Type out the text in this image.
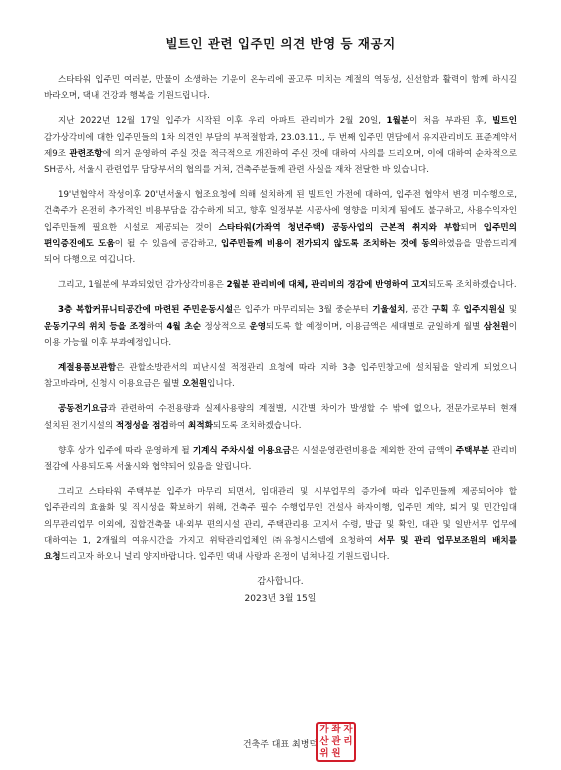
빌트인 관련 입주민 의견 반영 등 재공지

스타타워 입주민 여러분, 만물이 소생하는 기운이 온누리에 골고루 미치는 계절의 역동성, 신선함과 활력이 함께 하시길 바라오며, 댁내 건강과 행복을 기원드립니다.

지난 2022년 12월 17일 입주가 시작된 이후 우리 아파트 관리비가 2월 20일, 1월분이 처음 부과된 후, 빌트인 감가상각비에 대한 입주민들의 1차 의견인 부담의 부적절함과, 23.03.11., 두 번째 입주민 면담에서 유지관리비도 표준계약서 제9조 관련조항에 의거 운영하여 주실 것을 적극적으로 개진하여 주신 것에 대하여 사의를 드리오며, 이에 대하여 순차적으로 SH공사, 서울시 관련업무 담당부서의 협의를 거쳐, 건축주분들께 관련 사실을 재차 전달한 바 있습니다.

19'년협약서 작성이후 20'년서울시 협조요청에 의해 설치하게 된 빌트인 가전에 대하여, 입주전 협약서 변경 미수행으로, 건축주가 온전히 추가적인 비용부담을 감수하게 되고, 향후 일정부분 시공사에 영향을 미치게 됨에도 불구하고, 사용수익자인 입주민들께 필요한 시설로 제공되는 것이 스타타워(가좌역 청년주택) 공동사업의 근본적 취지와 부합되며 입주민의 편익증진에도 도움이 될 수 있음에 공감하고, 입주민들께 비용이 전가되지 않도록 조치하는 것에 동의하였음을 말씀드리게 되어 다행으로 여깁니다.

그리고, 1월분에 부과되었던 감가상각비용은 2월분 관리비에 대체, 관리비의 경감에 반영하여 고지되도록 조치하겠습니다.

3층 복합커뮤니티공간에 마련된 주민운동시설은 입주가 마무리되는 3월 중순부터 기울설치, 공간 구획 후 입주지원실 및 운동기구의 위치 등을 조정하여 4월 초순 정상적으로 운영되도록 할 예정이며, 이용금액은 세대별로 균일하게 월별 삼천원이 이용 가능월 이후 부과예정입니다.

계절용품보관함은 관할소방관서의 피난시설 적정관리 요청에 따라 지하 3층 입주민창고에 설치됨을 알리게 되었으니 참고바라며, 신청시 이용요금은 월별 오천원입니다.

공동전기요금과 관련하여 수전용량과 실제사용량의 계절별, 시간별 차이가 발생할 수 밖에 없으나, 전문가로부터 현재 설치된 전기시설의 적정성을 점검하여 최적화되도록 조치하겠습니다.

향후 상가 입주에 따라 운영하게 될 기계식 주차시설 이용요금은 시설운영관련비용을 제외한 잔여 금액이 주택부분 관리비 절감에 사용되도록 서울시와 협약되어 있음을 알립니다.

그리고 스타타워 주택부분 입주가 마무리 되면서, 임대관리 및 시부업무의 증가에 따라 입주민들께 제공되어야 할 입주관리의 효율화 및 직시성을 확보하기 위해, 건축주 필수 수행업무인 건설사 하자이행, 입주민 계약, 퇴거 및 민간임대 의무관리업무 이외에, 집합건축물 내·외부 편의시설 관리, 주택관리용 고지서 수령, 발급 및 확인, 대관 및 일반서무 업무에 대하여는 1, 2개월의 여유시간을 가지고 위탁관리업체인 ㈜유청시스템에 요청하여 서무 및 관리 업무보조원의 배치를 요청드리고자 하오니 널리 양지바랍니다. 입주민 댁내 사랑과 온정이 넘쳐나길 기원드립니다.

감사합니다.
2023년 3월 15일
건축주 대표 최병덕
가 좌 자
산 관 리
위 원
